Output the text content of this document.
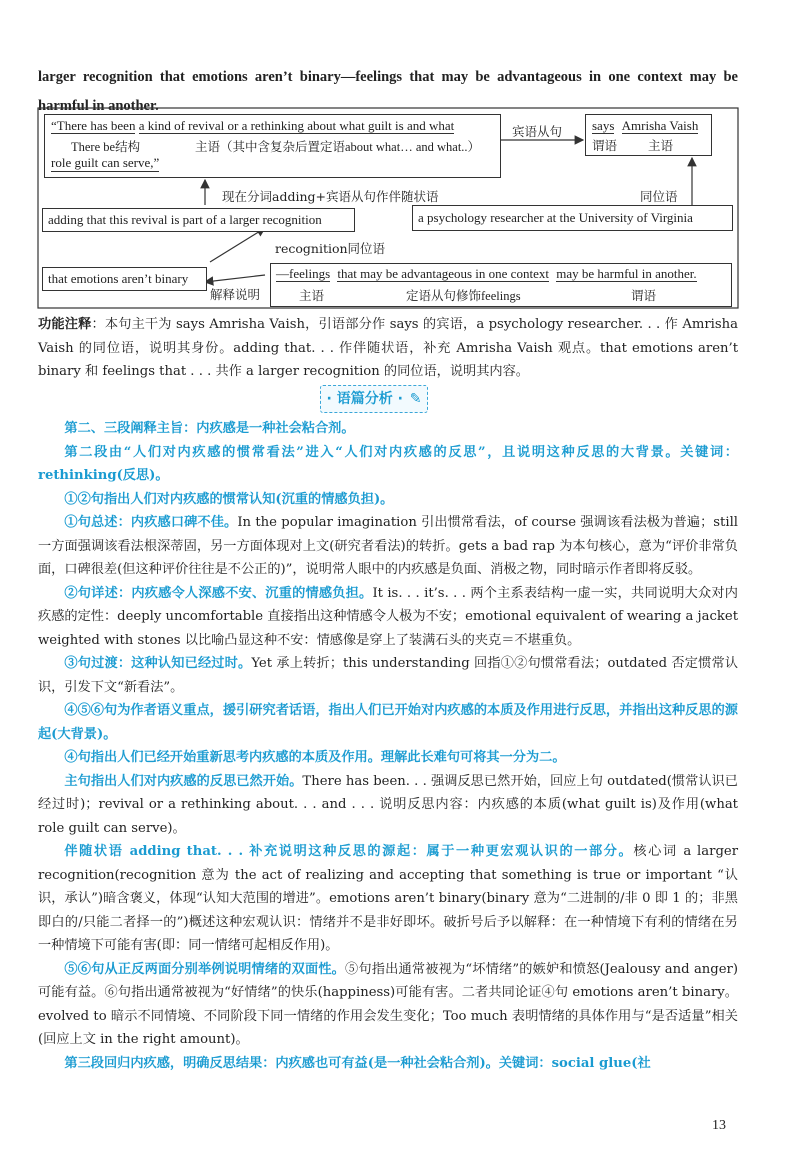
larger recognition that emotions aren’t binary—feelings that may be advantageous in one context may be harmful in another.
“There has been a kind of revival or a rethinking about what guilt is and what
There be结构	主语（其中含复杂后置定语about what… and what..）
role guilt can serve,”
宾语从句 says Amrisha Vaish
谓语 主语
现在分词adding+宾语从句作伴随状语	同位语
adding that this revival is part of a larger recognition	a psychology researcher at the University of Virginia
recognition同位语
that emotions aren’t binary
解释说明
—feelings that may be advantageous in one context may be harmful in another.
主语	定语从句修饰feelings	谓语

功能注释：本句主干为 says Amrisha Vaish，引语部分作 says 的宾语，a psychology researcher. . . 作 Amrisha Vaish 的同位语，说明其身份。adding that. . . 作伴随状语，补充 Amrisha Vaish 观点。that emotions aren’t binary 和 feelings that . . . 共作 a larger recognition 的同位语，说明其内容。

· 语篇分析 · ✎

第二、三段阐释主旨：内疚感是一种社会粘合剂。

第二段由“人们对内疚感的惯常看法”进入“人们对内疚感的反思”，且说明这种反思的大背景。关键词：rethinking(反思)。

①②句指出人们对内疚感的惯常认知(沉重的情感负担)。

①句总述：内疚感口碑不佳。In the popular imagination 引出惯常看法，of course 强调该看法极为普遍；still 一方面强调该看法根深蒂固，另一方面体现对上文(研究者看法)的转折。gets a bad rap 为本句核心，意为“评价非常负面，口碑很差(但这种评价往往是不公正的)”，说明常人眼中的内疚感是负面、消极之物，同时暗示作者即将反驳。

②句详述：内疚感令人深感不安、沉重的情感负担。It is. . . it’s. . . 两个主系表结构一虚一实，共同说明大众对内疚感的定性：deeply uncomfortable 直接指出这种情感令人极为不安；emotional equivalent of wearing a jacket weighted with stones 以比喻凸显这种不安：情感像是穿上了装满石头的夹克＝不堪重负。

③句过渡：这种认知已经过时。Yet 承上转折；this understanding 回指①②句惯常看法；outdated 否定惯常认识，引发下文“新看法”。

④⑤⑥句为作者语义重点，援引研究者话语，指出人们已开始对内疚感的本质及作用进行反思，并指出这种反思的源起(大背景)。

④句指出人们已经开始重新思考内疚感的本质及作用。理解此长难句可将其一分为二。

主句指出人们对内疚感的反思已然开始。There has been. . . 强调反思已然开始，回应上句 outdated(惯常认识已经过时)；revival or a rethinking about. . . and . . . 说明反思内容：内疚感的本质(what guilt is)及作用(what role guilt can serve)。

伴随状语 adding that. . . 补充说明这种反思的源起：属于一种更宏观认识的一部分。核心词 a larger recognition(recognition 意为 the act of realizing and accepting that something is true or important “认识，承认”)暗含褒义，体现“认知大范围的增进”。emotions aren’t binary(binary 意为“二进制的/非 0 即 1 的；非黑即白的/只能二者择一的”)概述这种宏观认识：情绪并不是非好即坏。破折号后予以解释：在一种情境下有利的情绪在另一种情境下可能有害(即：同一情绪可起相反作用)。

⑤⑥句从正反两面分别举例说明情绪的双面性。⑤句指出通常被视为“坏情绪”的嫉妒和愤怒(Jealousy and anger)可能有益。⑥句指出通常被视为“好情绪”的快乐(happiness)可能有害。二者共同论证④句 emotions aren’t binary。evolved to 暗示不同情境、不同阶段下同一情绪的作用会发生变化；Too much 表明情绪的具体作用与“是否适量”相关(回应上文 in the right amount)。

第三段回归内疚感，明确反思结果：内疚感也可有益(是一种社会粘合剂)。关键词：social glue(社

13
